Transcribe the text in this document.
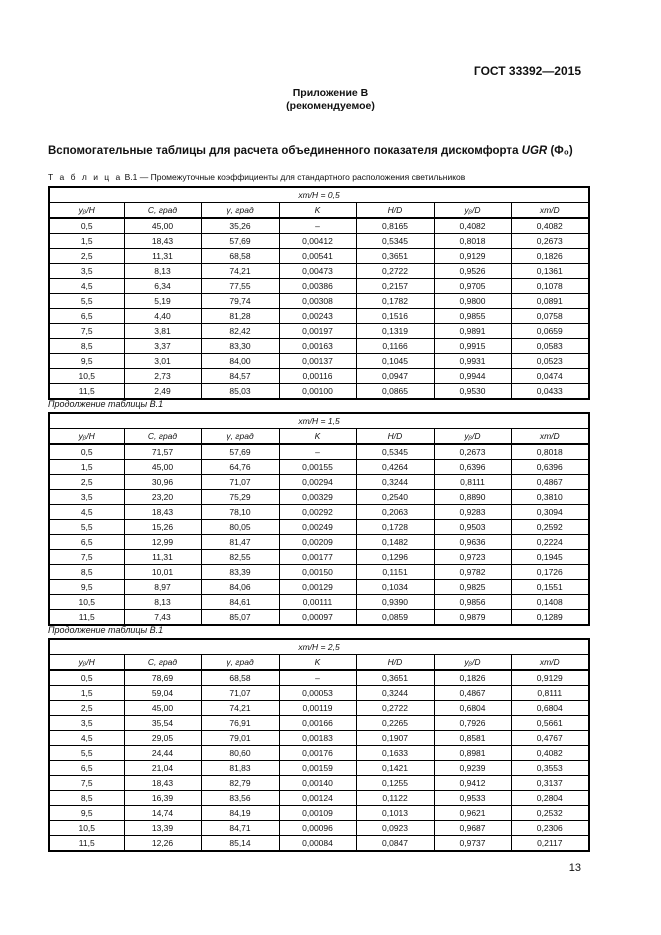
ГОСТ 33392—2015
Приложение В
(рекомендуемое)
Вспомогательные таблицы для расчета объединенного показателя дискомфорта UGR (Φ₀)
Т а б л и ц а В.1 — Промежуточные коэффициенты для стандартного расположения светильников
xт/H = 0,5						
yᵦ/H	C, град	γ, град	K	H/D	yᵦ/D	xт/D
0,5	45,00	35,26	–	0,8165	0,4082	0,4082
1,5	18,43	57,69	0,00412	0,5345	0,8018	0,2673
2,5	11,31	68,58	0,00541	0,3651	0,9129	0,1826
3,5	8,13	74,21	0,00473	0,2722	0,9526	0,1361
4,5	6,34	77,55	0,00386	0,2157	0,9705	0,1078
5,5	5,19	79,74	0,00308	0,1782	0,9800	0,0891
6,5	4,40	81,28	0,00243	0,1516	0,9855	0,0758
7,5	3,81	82,42	0,00197	0,1319	0,9891	0,0659
8,5	3,37	83,30	0,00163	0,1166	0,9915	0,0583
9,5	3,01	84,00	0,00137	0,1045	0,9931	0,0523
10,5	2,73	84,57	0,00116	0,0947	0,9944	0,0474
11,5	2,49	85,03	0,00100	0,0865	0,9530	0,0433
Продолжение таблицы В.1
xт/H = 1,5						
yᵦ/H	C, град	γ, град	K	H/D	yᵦ/D	xт/D
0,5	71,57	57,69	–	0,5345	0,2673	0,8018
1,5	45,00	64,76	0,00155	0,4264	0,6396	0,6396
2,5	30,96	71,07	0,00294	0,3244	0,8111	0,4867
3,5	23,20	75,29	0,00329	0,2540	0,8890	0,3810
4,5	18,43	78,10	0,00292	0,2063	0,9283	0,3094
5,5	15,26	80,05	0,00249	0,1728	0,9503	0,2592
6,5	12,99	81,47	0,00209	0,1482	0,9636	0,2224
7,5	11,31	82,55	0,00177	0,1296	0,9723	0,1945
8,5	10,01	83,39	0,00150	0,1151	0,9782	0,1726
9,5	8,97	84,06	0,00129	0,1034	0,9825	0,1551
10,5	8,13	84,61	0,00111	0,9390	0,9856	0,1408
11,5	7,43	85,07	0,00097	0,0859	0,9879	0,1289
Продолжение таблицы В.1
xт/H = 2,5						
yᵦ/H	C, град	γ, град	K	H/D	yᵦ/D	xт/D
0,5	78,69	68,58	–	0,3651	0,1826	0,9129
1,5	59,04	71,07	0,00053	0,3244	0,4867	0,8111
2,5	45,00	74,21	0,00119	0,2722	0,6804	0,6804
3,5	35,54	76,91	0,00166	0,2265	0,7926	0,5661
4,5	29,05	79,01	0,00183	0,1907	0,8581	0,4767
5,5	24,44	80,60	0,00176	0,1633	0,8981	0,4082
6,5	21,04	81,83	0,00159	0,1421	0,9239	0,3553
7,5	18,43	82,79	0,00140	0,1255	0,9412	0,3137
8,5	16,39	83,56	0,00124	0,1122	0,9533	0,2804
9,5	14,74	84,19	0,00109	0,1013	0,9621	0,2532
10,5	13,39	84,71	0,00096	0,0923	0,9687	0,2306
11,5	12,26	85,14	0,00084	0,0847	0,9737	0,2117
13
